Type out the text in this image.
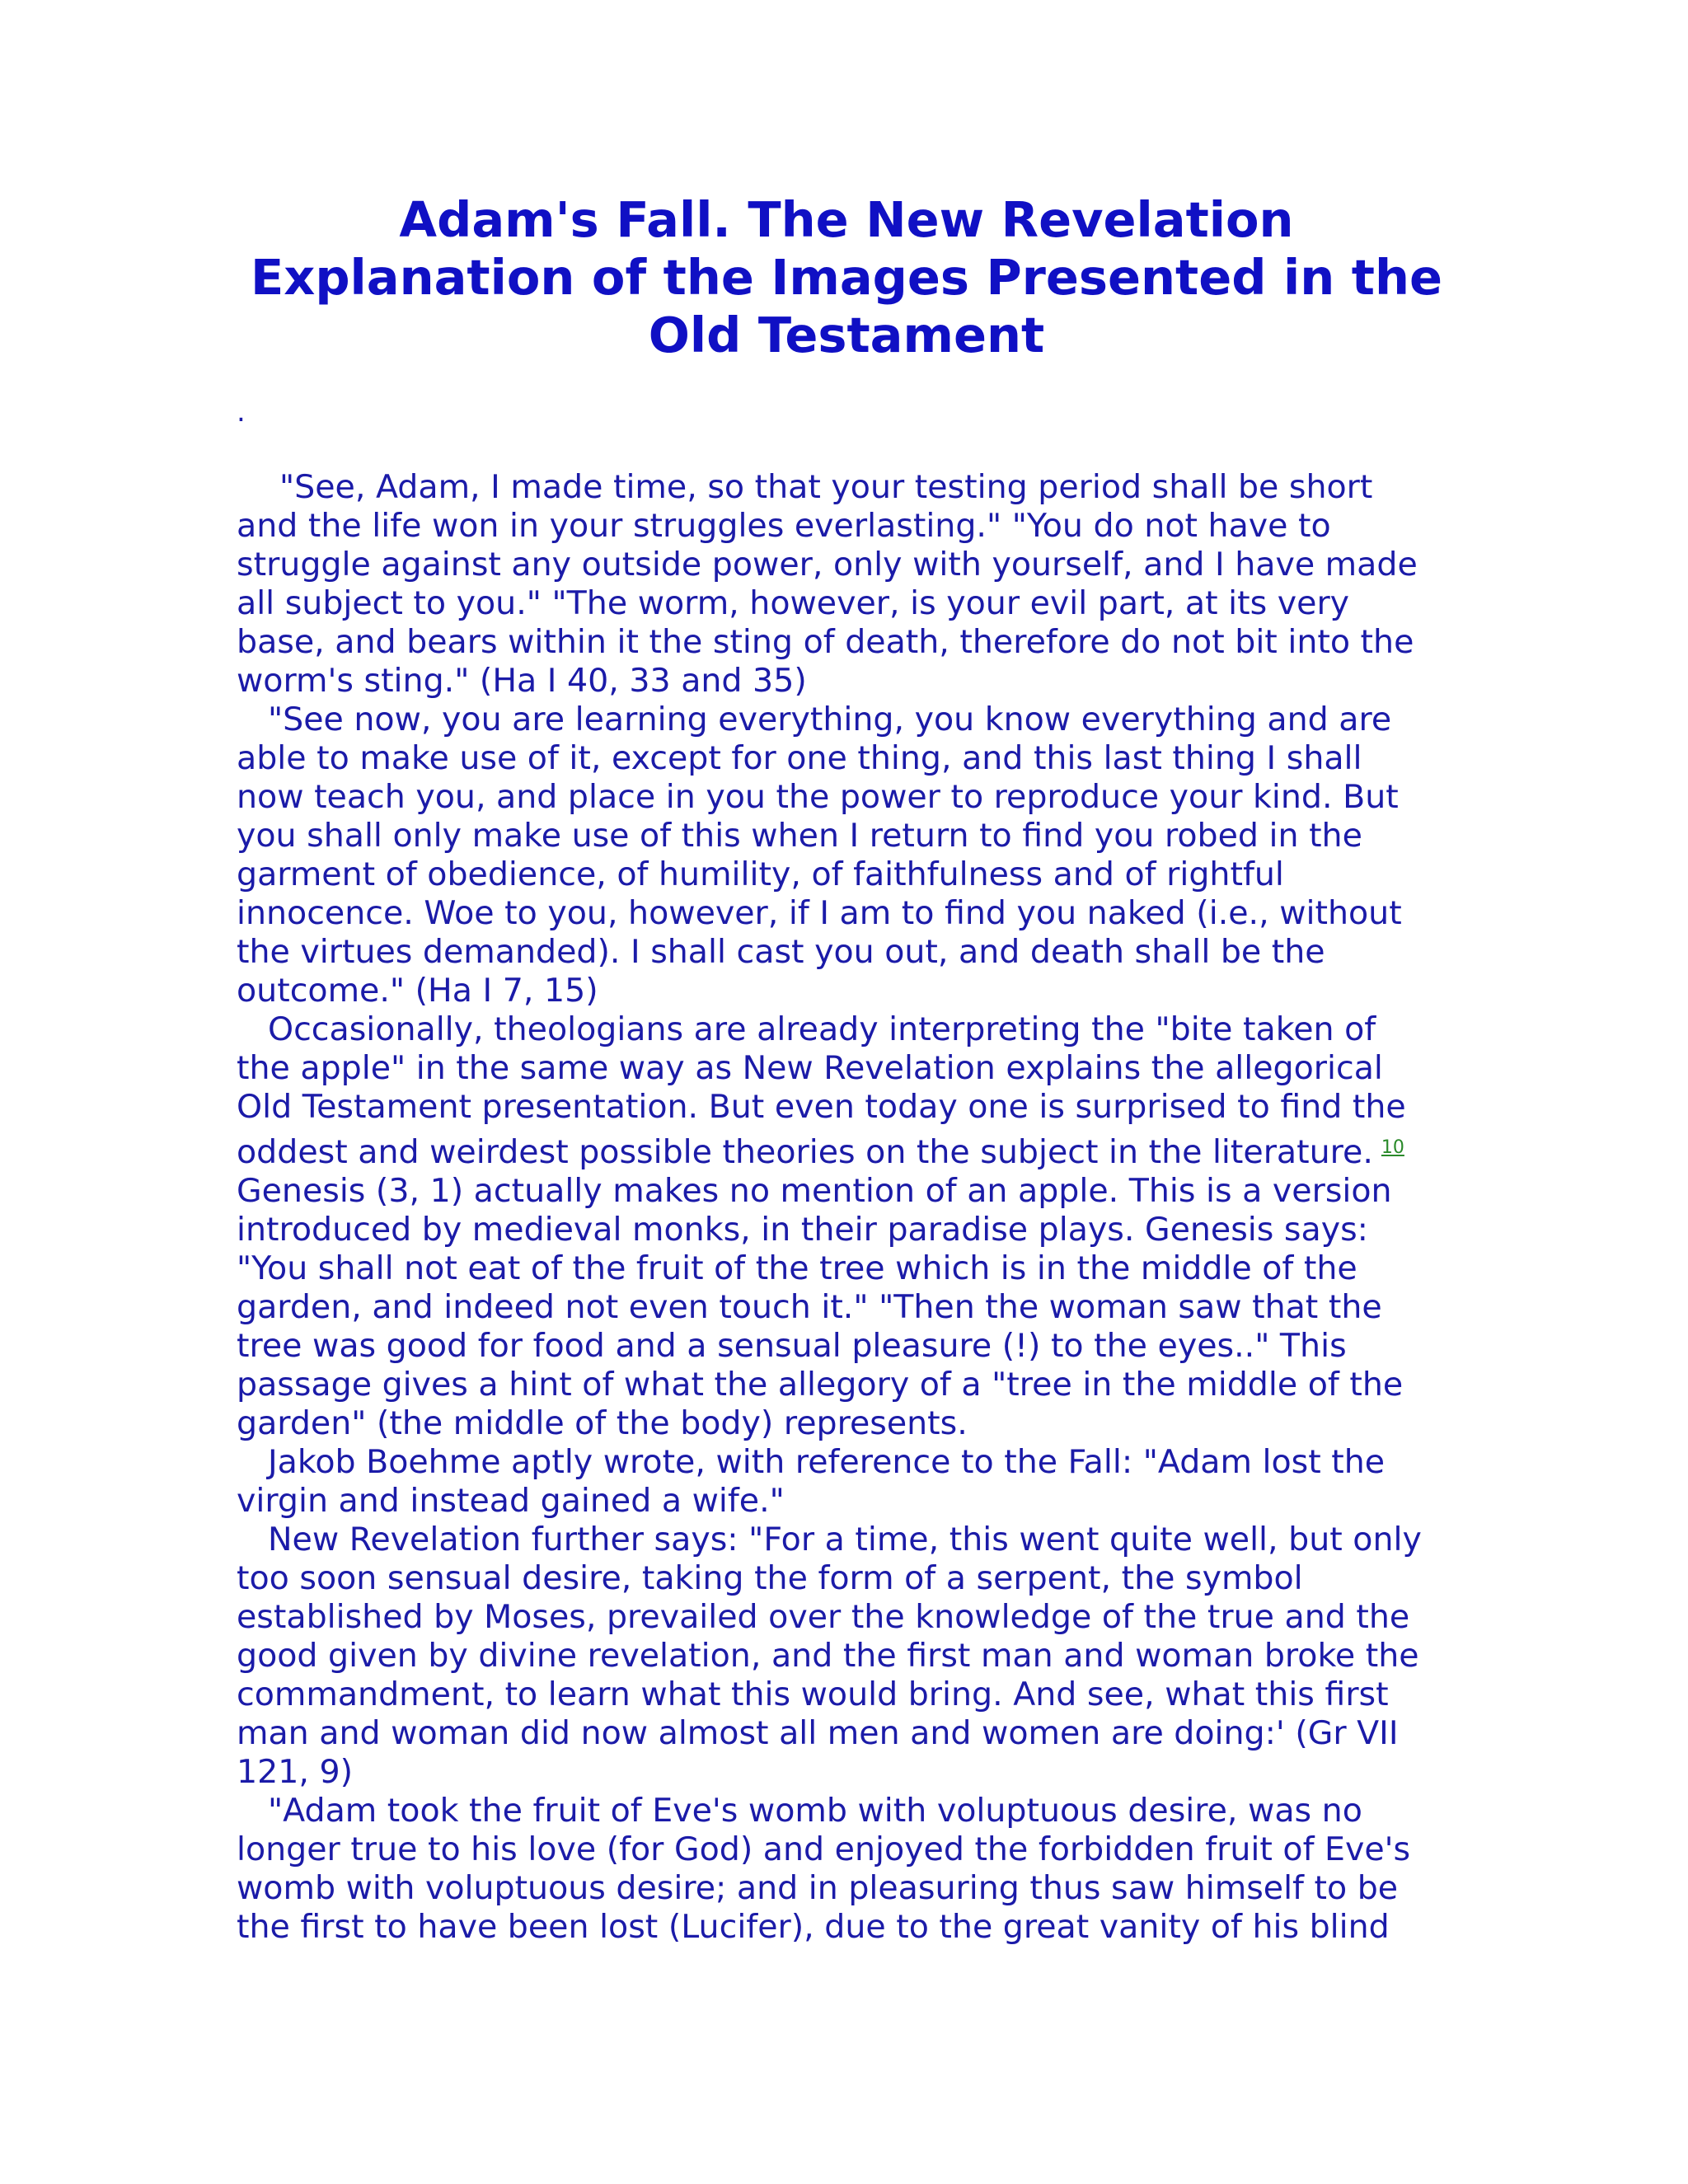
Adam's Fall. The New Revelation
Explanation of the Images Presented in the
Old Testament
.
"See, Adam, I made time, so that your testing period shall be short
and the life won in your struggles everlasting." "You do not have to
struggle against any outside power, only with yourself, and I have made
all subject to you." "The worm, however, is your evil part, at its very
base, and bears within it the sting of death, therefore do not bit into the
worm's sting." (Ha I 40, 33 and 35)
"See now, you are learning everything, you know everything and are
able to make use of it, except for one thing, and this last thing I shall
now teach you, and place in you the power to reproduce your kind. But
you shall only make use of this when I return to find you robed in the
garment of obedience, of humility, of faithfulness and of rightful
innocence. Woe to you, however, if I am to find you naked (i.e., without
the virtues demanded). I shall cast you out, and death shall be the
outcome." (Ha I 7, 15)
Occasionally, theologians are already interpreting the "bite taken of
the apple" in the same way as New Revelation explains the allegorical
Old Testament presentation. But even today one is surprised to find the
oddest and weirdest possible theories on the subject in the literature. $^{10}$
Genesis (3, 1) actually makes no mention of an apple. This is a version
introduced by medieval monks, in their paradise plays. Genesis says:
"You shall not eat of the fruit of the tree which is in the middle of the
garden, and indeed not even touch it." "Then the woman saw that the
tree was good for food and a sensual pleasure (!) to the eyes.." This
passage gives a hint of what the allegory of a "tree in the middle of the
garden" (the middle of the body) represents.
Jakob Boehme aptly wrote, with reference to the Fall: "Adam lost the
virgin and instead gained a wife."
New Revelation further says: "For a time, this went quite well, but only
too soon sensual desire, taking the form of a serpent, the symbol
established by Moses, prevailed over the knowledge of the true and the
good given by divine revelation, and the first man and woman broke the
commandment, to learn what this would bring. And see, what this first
man and woman did now almost all men and women are doing:' (Gr VII
121, 9)
"Adam took the fruit of Eve's womb with voluptuous desire, was no
longer true to his love (for God) and enjoyed the forbidden fruit of Eve's
womb with voluptuous desire; and in pleasuring thus saw himself to be
the first to have been lost (Lucifer), due to the great vanity of his blind
